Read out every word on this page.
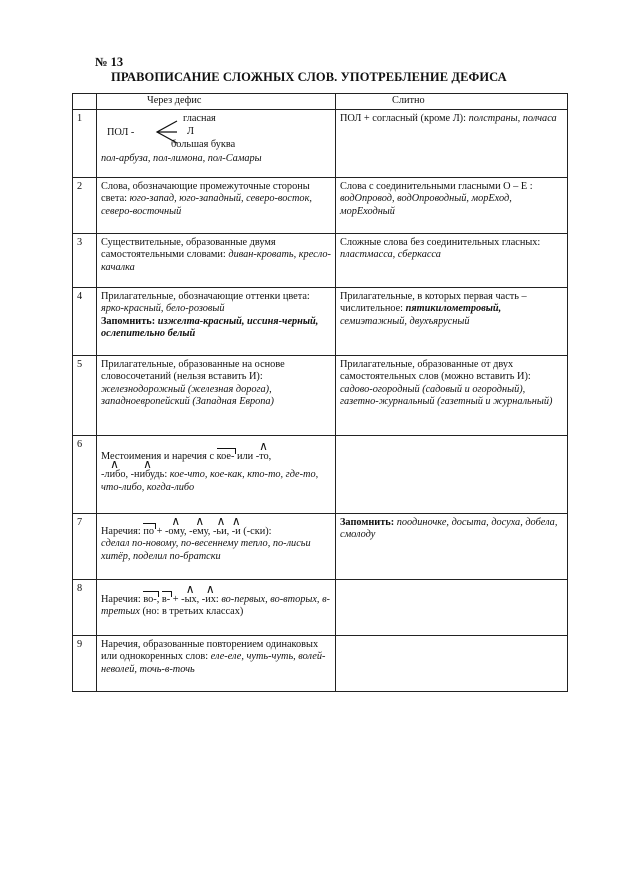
№ 13
ПРАВОПИСАНИЕ СЛОЖНЫХ СЛОВ. УПОТРЕБЛЕНИЕ ДЕФИСА
	Через дефис	Слитно
1	ПОЛ -
гласная
Л
большая буква
пол-арбуза, пол-лимона, пол-Самары	ПОЛ + согласный (кроме Л): полстраны, полчаса
2	Слова, обозначающие промежуточные стороны света: юго-запад, юго-западный, северо-восток, северо-восточный	Слова с соединительными гласными О – Е : водОпровод, водОпроводный, морЕход, морЕходный
3	Существительные, образованные двумя самостоятельными словами: диван-кровать, кресло-качалка	Сложные слова без соединительных гласных: пластмасса, сберкасса
4	Прилагательные, обозначающие оттенки цвета: ярко-красный, бело-розовый
Запомнить: изжелта-красный, иссиня-черный, ослепительно белый	Прилагательные, в которых первая часть – числительное: пятикилометровый, семиэтажный, двухъярусный
5	Прилагательные, образованные на основе словосочетаний (нельзя вставить И): железнодорожный (железная дорога), западноевропейский (Западная Европа)	Прилагательные, образованные от двух самостоятельных слов (можно вставить И): садово-огородный (садовый и огородный), газетно-журнальный (газетный и журнальный)
6	Местоимения и наречия с кое- или ∧ -то,
∧ -либо, ∧ -нибудь: кое-что, кое-как, кто-то, где-то, что-либо, когда-либо

7	Наречия: по + ∧ -ому, ∧ -ему, ∧ -ьи, ∧ -и (-ски):
сделал по-новому, по-весеннему тепло, по-лисьи хитёр, поделил по-братски	Запомнить: поодиночке, досыта, досуха, добела, смолоду
8	Наречия: во-, в- + ∧ -ых, ∧ -их: во-первых, во-вторых, в-третьих (но: в третьих классах)

9	Наречия, образованные повторением одинаковых или однокоренных слов: еле-еле, чуть-чуть, волей-неволей, точь-в-точь	
